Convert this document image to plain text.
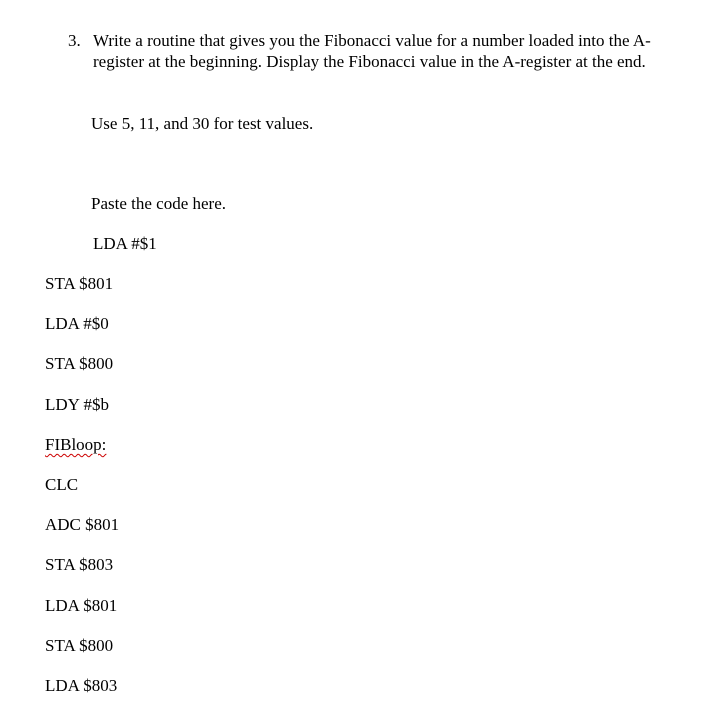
3. Write a routine that gives you the Fibonacci value for a number loaded into the A-register at the beginning. Display the Fibonacci value in the A-register at the end.
Use 5, 11, and 30 for test values.
Paste the code here.
LDA #$1
STA $801
LDA #$0
STA $800
LDY #$b
FIBloop:
CLC
ADC $801
STA $803
LDA $801
STA $800
LDA $803
